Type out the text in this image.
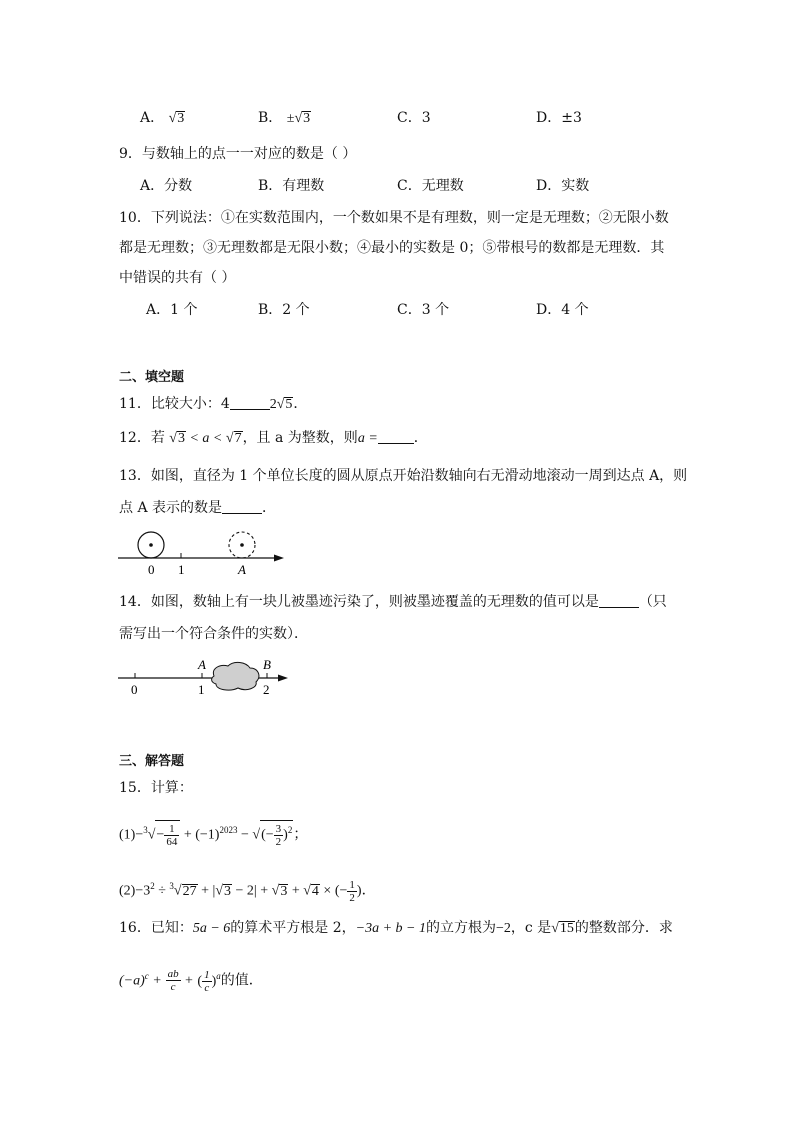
A． √3	B． ±√3	C．3	D．±3
9．与数轴上的点一一对应的数是（ ）
A．分数	B．有理数	C．无理数	D．实数
10．下列说法：①在实数范围内，一个数如果不是有理数，则一定是无理数；②无限小数
都是无理数；③无理数都是无限小数；④最小的实数是 0；⑤带根号的数都是无理数．其
中错误的共有（ ）
A．1 个	B．2 个	C．3 个	D．4 个
二、填空题
11．比较大小：4	2√5．
12．若 √3 < a < √7，且 a 为整数，则a =	．
13．如图，直径为 1 个单位长度的圆从原点开始沿数轴向右无滑动地滚动一周到达点 A，则
点 A 表示的数是	．
0 1	A
14．如图，数轴上有一块儿被墨迹污染了，则被墨迹覆盖的无理数的值可以是	（只
需写出一个符合条件的实数）．
A	B
0	1	2
三、解答题
15．计算：
$(1)-^3√- \frac{1}{64} + (-1)^{2023}$ − √(− $\frac{3}{2} )^2$；
$(2)-3^2 \div ^3√27 + |√3 - 2| + √3 + √4$ × (− $\frac{1}{2}$ )．
16．已知：5a − 6的算术平方根是 2，−3a + b − 1的立方根为−2，c 是√15的整数部分．求
$(-a)^c + \frac{ab}{c}$ + ( $\frac{1}{c} )^a$的值．
